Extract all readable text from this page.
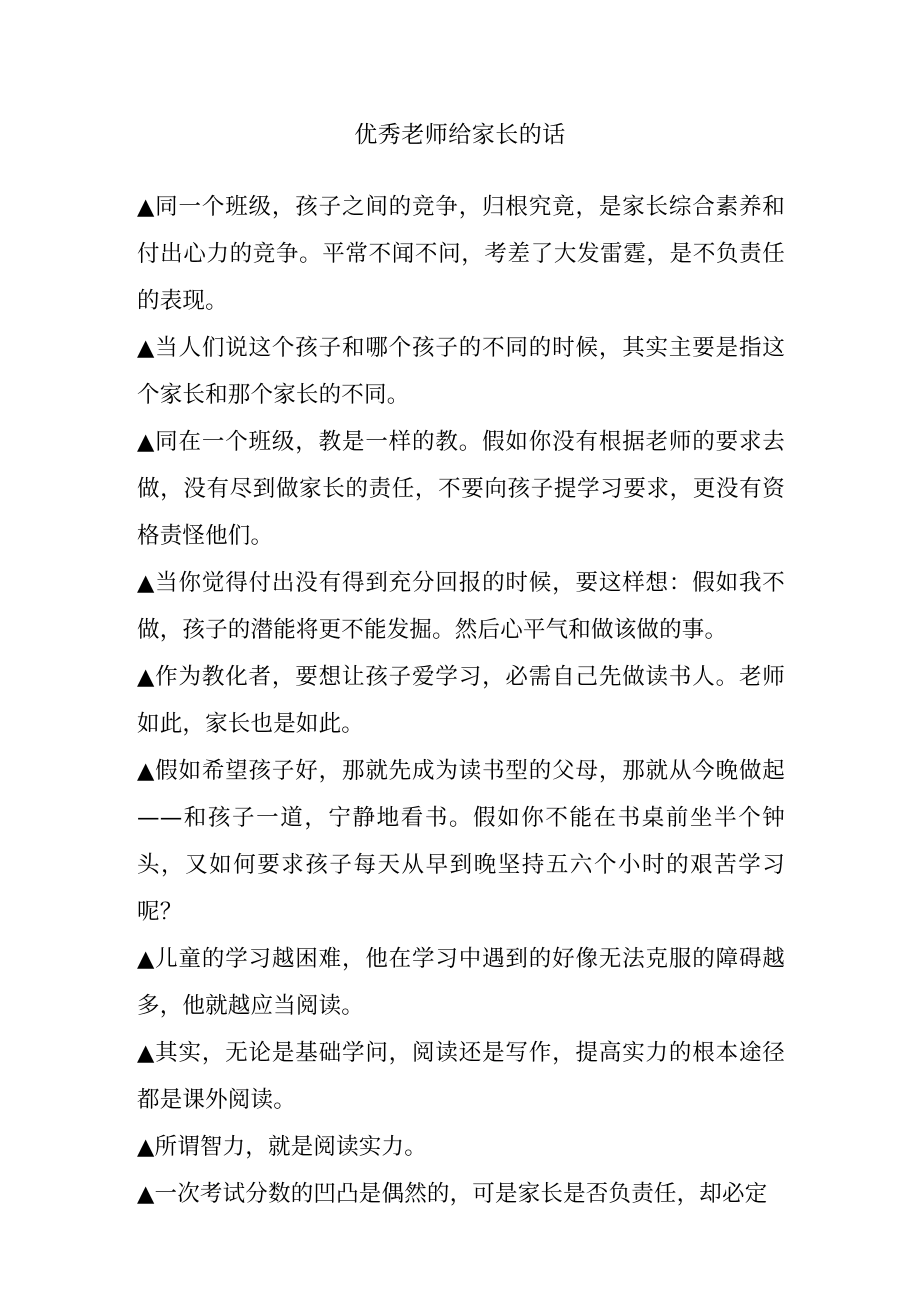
优秀老师给家长的话

▲同一个班级，孩子之间的竞争，归根究竟，是家长综合素养和付出心力的竞争。平常不闻不问，考差了大发雷霆，是不负责任的表现。

▲当人们说这个孩子和哪个孩子的不同的时候，其实主要是指这个家长和那个家长的不同。

▲同在一个班级，教是一样的教。假如你没有根据老师的要求去做，没有尽到做家长的责任，不要向孩子提学习要求，更没有资格责怪他们。

▲当你觉得付出没有得到充分回报的时候，要这样想：假如我不做，孩子的潜能将更不能发掘。然后心平气和做该做的事。

▲作为教化者，要想让孩子爱学习，必需自己先做读书人。老师如此，家长也是如此。

▲假如希望孩子好，那就先成为读书型的父母，那就从今晚做起——和孩子一道，宁静地看书。假如你不能在书桌前坐半个钟头，又如何要求孩子每天从早到晚坚持五六个小时的艰苦学习呢？

▲儿童的学习越困难，他在学习中遇到的好像无法克服的障碍越多，他就越应当阅读。

▲其实，无论是基础学问，阅读还是写作，提高实力的根本途径都是课外阅读。

▲所谓智力，就是阅读实力。

▲一次考试分数的凹凸是偶然的，可是家长是否负责任，却必定
